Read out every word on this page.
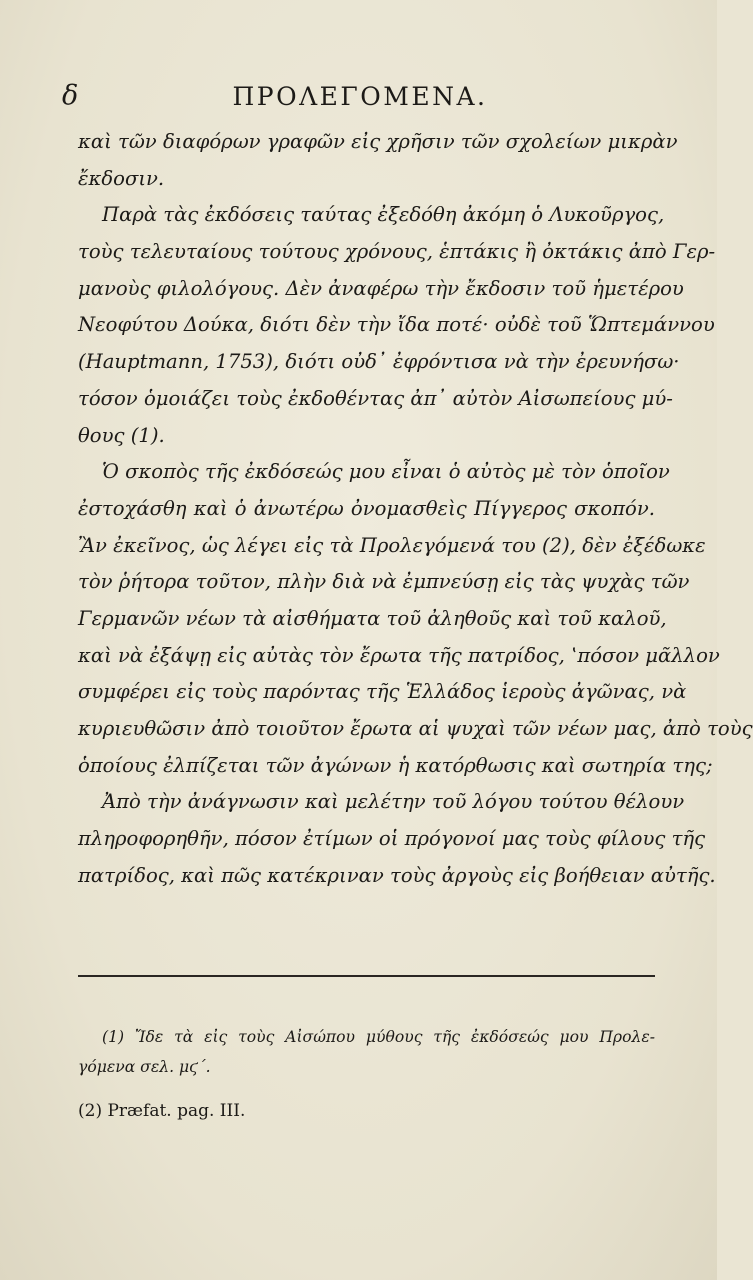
δ	ΠΡΟΛΕΓΟΜΕΝΑ.
καὶ τῶν διαφόρων γραφῶν εἰς χρῆσιν τῶν σχολείων μικρὰν
ἔκδοσιν.
Παρὰ τὰς ἐκδόσεις ταύτας ἐξεδόθη ἀκόμη ὁ Λυκοῦργος,
τοὺς τελευταίους τούτους χρόνους, ἑπτάκις ἢ ὀκτάκις ἀπὸ Γερ-
μανοὺς φιλολόγους. Δὲν ἀναφέρω τὴν ἔκδοσιν τοῦ ἡμετέρου
Νεοφύτου Δούκα, διότι δὲν τὴν ἴδα ποτέ· οὐδὲ τοῦ Ὥπτεμάννου
(Hauptmann, 1753), διότι οὐδ᾽ ἐφρόντισα νὰ τὴν ἐρευνήσω·
τόσον ὁμοιάζει τοὺς ἐκδοθέντας ἀπ᾽ αὐτὸν Αἰσωπείους μύ-
θους (1).
Ὁ σκοπὸς τῆς ἐκδόσεώς μου εἶναι ὁ αὐτὸς μὲ τὸν ὁποῖον
ἐστοχάσθη καὶ ὁ ἀνωτέρω ὀνομασθεὶς Πίγγερος σκοπόν.
Ἂν ἐκεῖνος, ὡς λέγει εἰς τὰ Προλεγόμενά του (2), δὲν ἐξέδωκε
τὸν ῥήτορα τοῦτον, πλὴν διὰ νὰ ἐμπνεύσῃ εἰς τὰς ψυχὰς τῶν
Γερμανῶν νέων τὰ αἰσθήματα τοῦ ἀληθοῦς καὶ τοῦ καλοῦ,
καὶ νὰ ἐξάψῃ εἰς αὐτὰς τὸν ἔρωτα τῆς πατρίδος, ‛πόσον μᾶλλον
συμφέρει εἰς τοὺς παρόντας τῆς Ἑλλάδος ἱεροὺς ἀγῶνας, νὰ
κυριευθῶσιν ἀπὸ τοιοῦτον ἔρωτα αἱ ψυχαὶ τῶν νέων μας, ἀπὸ τοὺς
ὁποίους ἐλπίζεται τῶν ἀγώνων ἡ κατόρθωσις καὶ σωτηρία της;
Ἀπὸ τὴν ἀνάγνωσιν καὶ μελέτην τοῦ λόγου τούτου θέλουν
πληροφορηθῆν, πόσον ἐτίμων οἱ πρόγονοί μας τοὺς φίλους τῆς
πατρίδος, καὶ πῶς κατέκριναν τοὺς ἀργοὺς εἰς βοήθειαν αὐτῆς.
(1) Ἴδε τὰ εἰς τοὺς Αἰσώπου μύθους τῆς ἐκδόσεώς μου Προλε-
γόμενα σελ. μϛ΄.
(2) Præfat. pag. III.
